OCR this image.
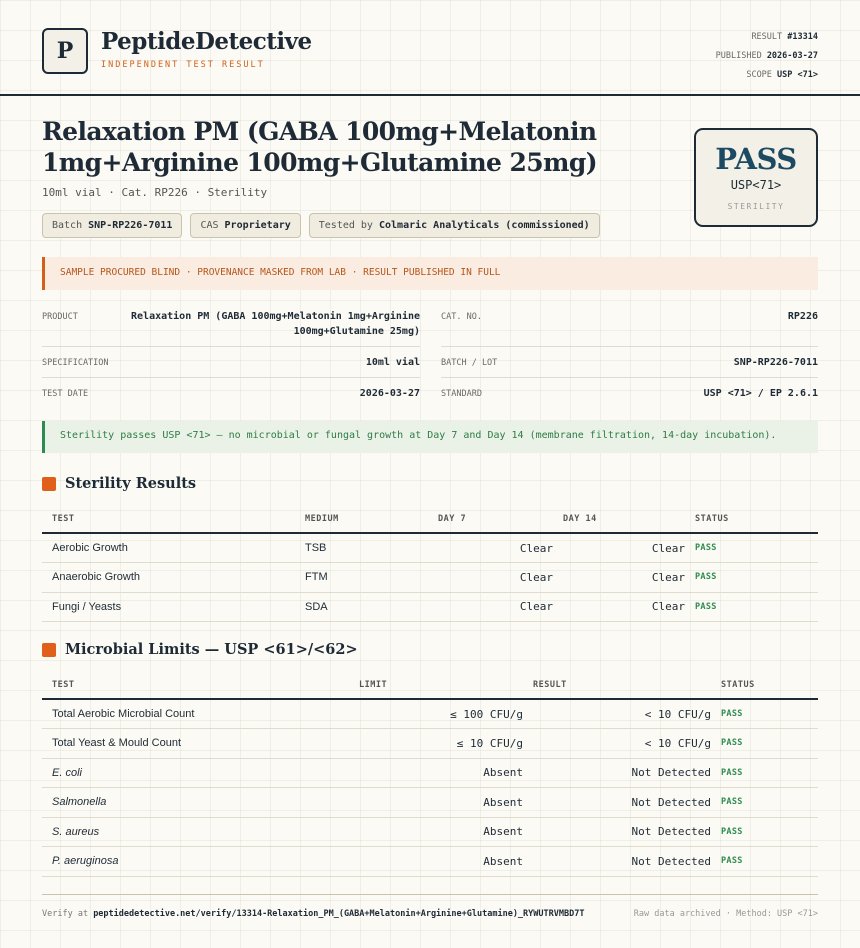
P PeptideDetective
INDEPENDENT TEST RESULT
RESULT #13314
PUBLISHED 2026-03-27
SCOPE USP <71>
Relaxation PM (GABA 100mg+Melatonin 1mg+Arginine 100mg+Glutamine 25mg)
10ml vial · Cat. RP226 · Sterility
Batch SNP-RP226-7011	CAS Proprietary	Tested by Colmaric Analyticals (commissioned)
PASS
USP<71>
STERILITY
SAMPLE PROCURED BLIND · PROVENANCE MASKED FROM LAB · RESULT PUBLISHED IN FULL
PRODUCT	Relaxation PM (GABA 100mg+Melatonin 1mg+Arginine 100mg+Glutamine 25mg)
CAT. NO.	RP226
SPECIFICATION	10ml vial BATCH / LOT	SNP-RP226-7011
TEST DATE	2026-03-27 STANDARD	USP <71> / EP 2.6.1
Sterility passes USP <71> — no microbial or fungal growth at Day 7 and Day 14 (membrane filtration, 14-day incubation).
Sterility Results
TEST	MEDIUM	DAY 7	DAY 14	STATUS
Aerobic Growth	TSB	Clear	Clear	PASS
Anaerobic Growth	FTM	Clear	Clear	PASS
Fungi / Yeasts	SDA	Clear	Clear	PASS
Microbial Limits — USP <61>/<62>
TEST	LIMIT	RESULT	STATUS
Total Aerobic Microbial Count	≤ 100 CFU/g	< 10 CFU/g	PASS
Total Yeast & Mould Count	≤ 10 CFU/g	< 10 CFU/g	PASS
E. coli	Absent	Not Detected	PASS
Salmonella	Absent	Not Detected	PASS
S. aureus	Absent	Not Detected	PASS
P. aeruginosa	Absent	Not Detected	PASS
Verify at peptidedetective.net/verify/13314-Relaxation_PM_(GABA+Melatonin+Arginine+Glutamine)_RYWUTRVMBD7T	Raw data archived · Method: USP <71>
